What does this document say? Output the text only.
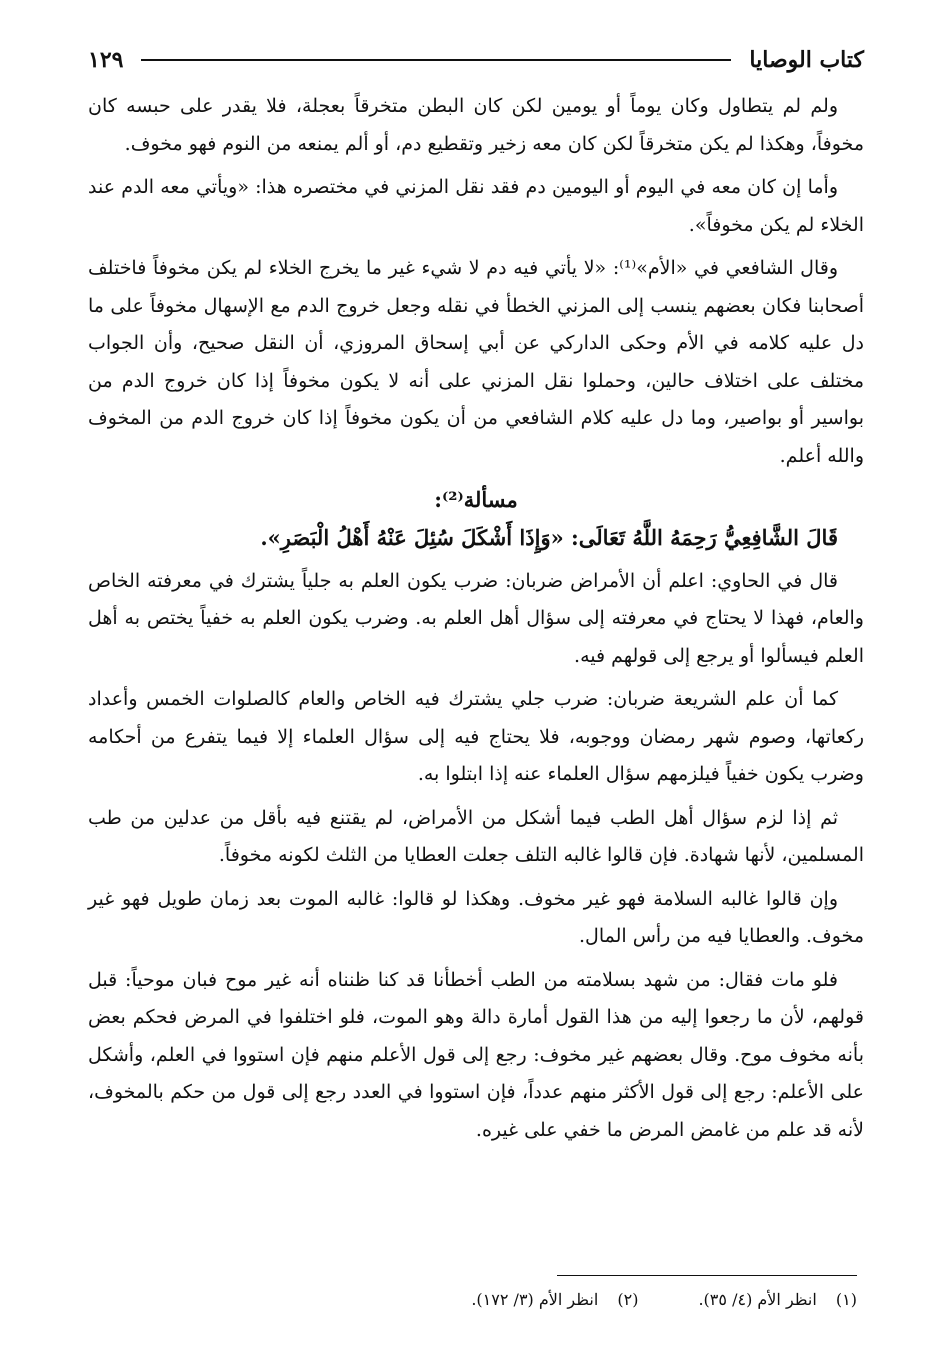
كتاب الوصايا
١٢٩

ولم لم يتطاول وكان يوماً أو يومين لكن كان البطن متخرقاً بعجلة، فلا يقدر على حبسه كان مخوفاً، وهكذا لم يكن متخرقاً لكن كان معه زخير وتقطيع دم، أو ألم يمنعه من النوم فهو مخوف.

وأما إن كان معه في اليوم أو اليومين دم فقد نقل المزني في مختصره هذا: «ويأتي معه الدم عند الخلاء لم يكن مخوفاً».

وقال الشافعي في «الأم»⁽¹⁾: «لا يأتي فيه دم لا شيء غير ما يخرج الخلاء لم يكن مخوفاً فاختلف أصحابنا فكان بعضهم ينسب إلى المزني الخطأ في نقله وجعل خروج الدم مع الإسهال مخوفاً على ما دل عليه كلامه في الأم وحكى الداركي عن أبي إسحاق المروزي، أن النقل صحيح، وأن الجواب مختلف على اختلاف حالين، وحملوا نقل المزني على أنه لا يكون مخوفاً إذا كان خروج الدم من بواسير أو بواصير، وما دل عليه كلام الشافعي من أن يكون مخوفاً إذا كان خروج الدم من المخوف والله أعلم.

مسألة⁽²⁾:

قَالَ الشَّافِعِيُّ رَحِمَهُ اللَّهُ تَعَالَى: «وَإِذَا أَشْكَلَ سُئِلَ عَنْهُ أَهْلُ الْبَصَرِ».

قال في الحاوي: اعلم أن الأمراض ضربان: ضرب يكون العلم به جلياً يشترك في معرفته الخاص والعام، فهذا لا يحتاج في معرفته إلى سؤال أهل العلم به. وضرب يكون العلم به خفياً يختص به أهل العلم فيسألوا أو يرجع إلى قولهم فيه.

كما أن علم الشريعة ضربان: ضرب جلي يشترك فيه الخاص والعام كالصلوات الخمس وأعداد ركعاتها، وصوم شهر رمضان ووجوبه، فلا يحتاج فيه إلى سؤال العلماء إلا فيما يتفرع من أحكامه وضرب يكون خفياً فيلزمهم سؤال العلماء عنه إذا ابتلوا به.

ثم إذا لزم سؤال أهل الطب فيما أشكل من الأمراض، لم يقتنع فيه بأقل من عدلين من طب المسلمين، لأنها شهادة. فإن قالوا غالبه التلف جعلت العطايا من الثلث لكونه مخوفاً.

وإن قالوا غالبه السلامة فهو غير مخوف. وهكذا لو قالوا: غالبه الموت بعد زمان طويل فهو غير مخوف. والعطايا فيه من رأس المال.

فلو مات فقال: من شهد بسلامته من الطب أخطأنا قد كنا ظنناه أنه غير موح فبان موحياً: قبل قولهم، لأن ما رجعوا إليه من هذا القول أمارة دالة وهو الموت، فلو اختلفوا في المرض فحكم بعض بأنه مخوف موح. وقال بعضهم غير مخوف: رجع إلى قول الأعلم منهم فإن استووا في العلم، وأشكل على الأعلم: رجع إلى قول الأكثر منهم عدداً، فإن استووا في العدد رجع إلى قول من حكم بالمخوف، لأنه قد علم من غامض المرض ما خفي على غيره.

(١) انظر الأم (٤/ ٣٥).
(٢) انظر الأم (٣/ ١٧٢).
